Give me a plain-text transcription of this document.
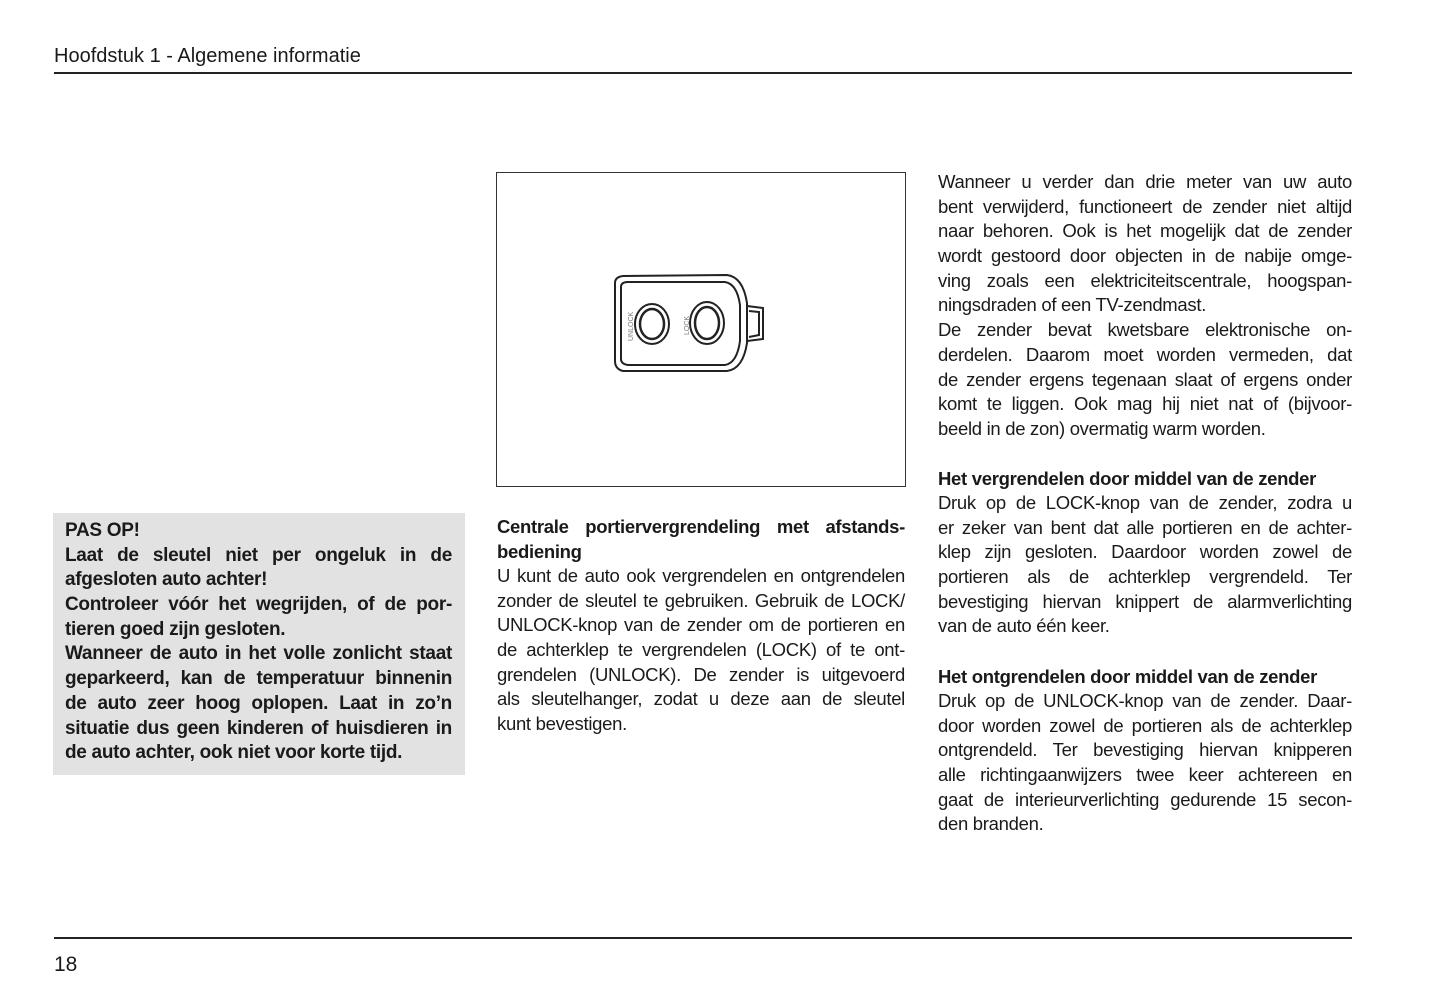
Hoofdstuk 1 - Algemene informatie
UNLOCK	LOCK
PAS OP!
Laat de sleutel niet per ongeluk in de
afgesloten auto achter!
Controleer vóór het wegrijden, of de por-
tieren goed zijn gesloten.
Wanneer de auto in het volle zonlicht staat
geparkeerd, kan de temperatuur binnenin
de auto zeer hoog oplopen. Laat in zo’n
situatie dus geen kinderen of huisdieren in
de auto achter, ook niet voor korte tijd.
Centrale portiervergrendeling met afstands-
bediening
U kunt de auto ook vergrendelen en ontgrendelen
zonder de sleutel te gebruiken. Gebruik de LOCK/
UNLOCK-knop van de zender om de portieren en
de achterklep te vergrendelen (LOCK) of te ont-
grendelen (UNLOCK). De zender is uitgevoerd
als sleutelhanger, zodat u deze aan de sleutel
kunt bevestigen.
Wanneer u verder dan drie meter van uw auto
bent verwijderd, functioneert de zender niet altijd
naar behoren. Ook is het mogelijk dat de zender
wordt gestoord door objecten in de nabije omge-
ving zoals een elektriciteitscentrale, hoogspan-
ningsdraden of een TV-zendmast.
De zender bevat kwetsbare elektronische on-
derdelen. Daarom moet worden vermeden, dat
de zender ergens tegenaan slaat of ergens onder
komt te liggen. Ook mag hij niet nat of (bijvoor-
beeld in de zon) overmatig warm worden.
Het vergrendelen door middel van de zender
Druk op de LOCK-knop van de zender, zodra u
er zeker van bent dat alle portieren en de achter-
klep zijn gesloten. Daardoor worden zowel de
portieren als de achterklep vergrendeld. Ter
bevestiging hiervan knippert de alarmverlichting
van de auto één keer.
Het ontgrendelen door middel van de zender
Druk op de UNLOCK-knop van de zender. Daar-
door worden zowel de portieren als de achterklep
ontgrendeld. Ter bevestiging hiervan knipperen
alle richtingaanwijzers twee keer achtereen en
gaat de interieurverlichting gedurende 15 secon-
den branden.
18
